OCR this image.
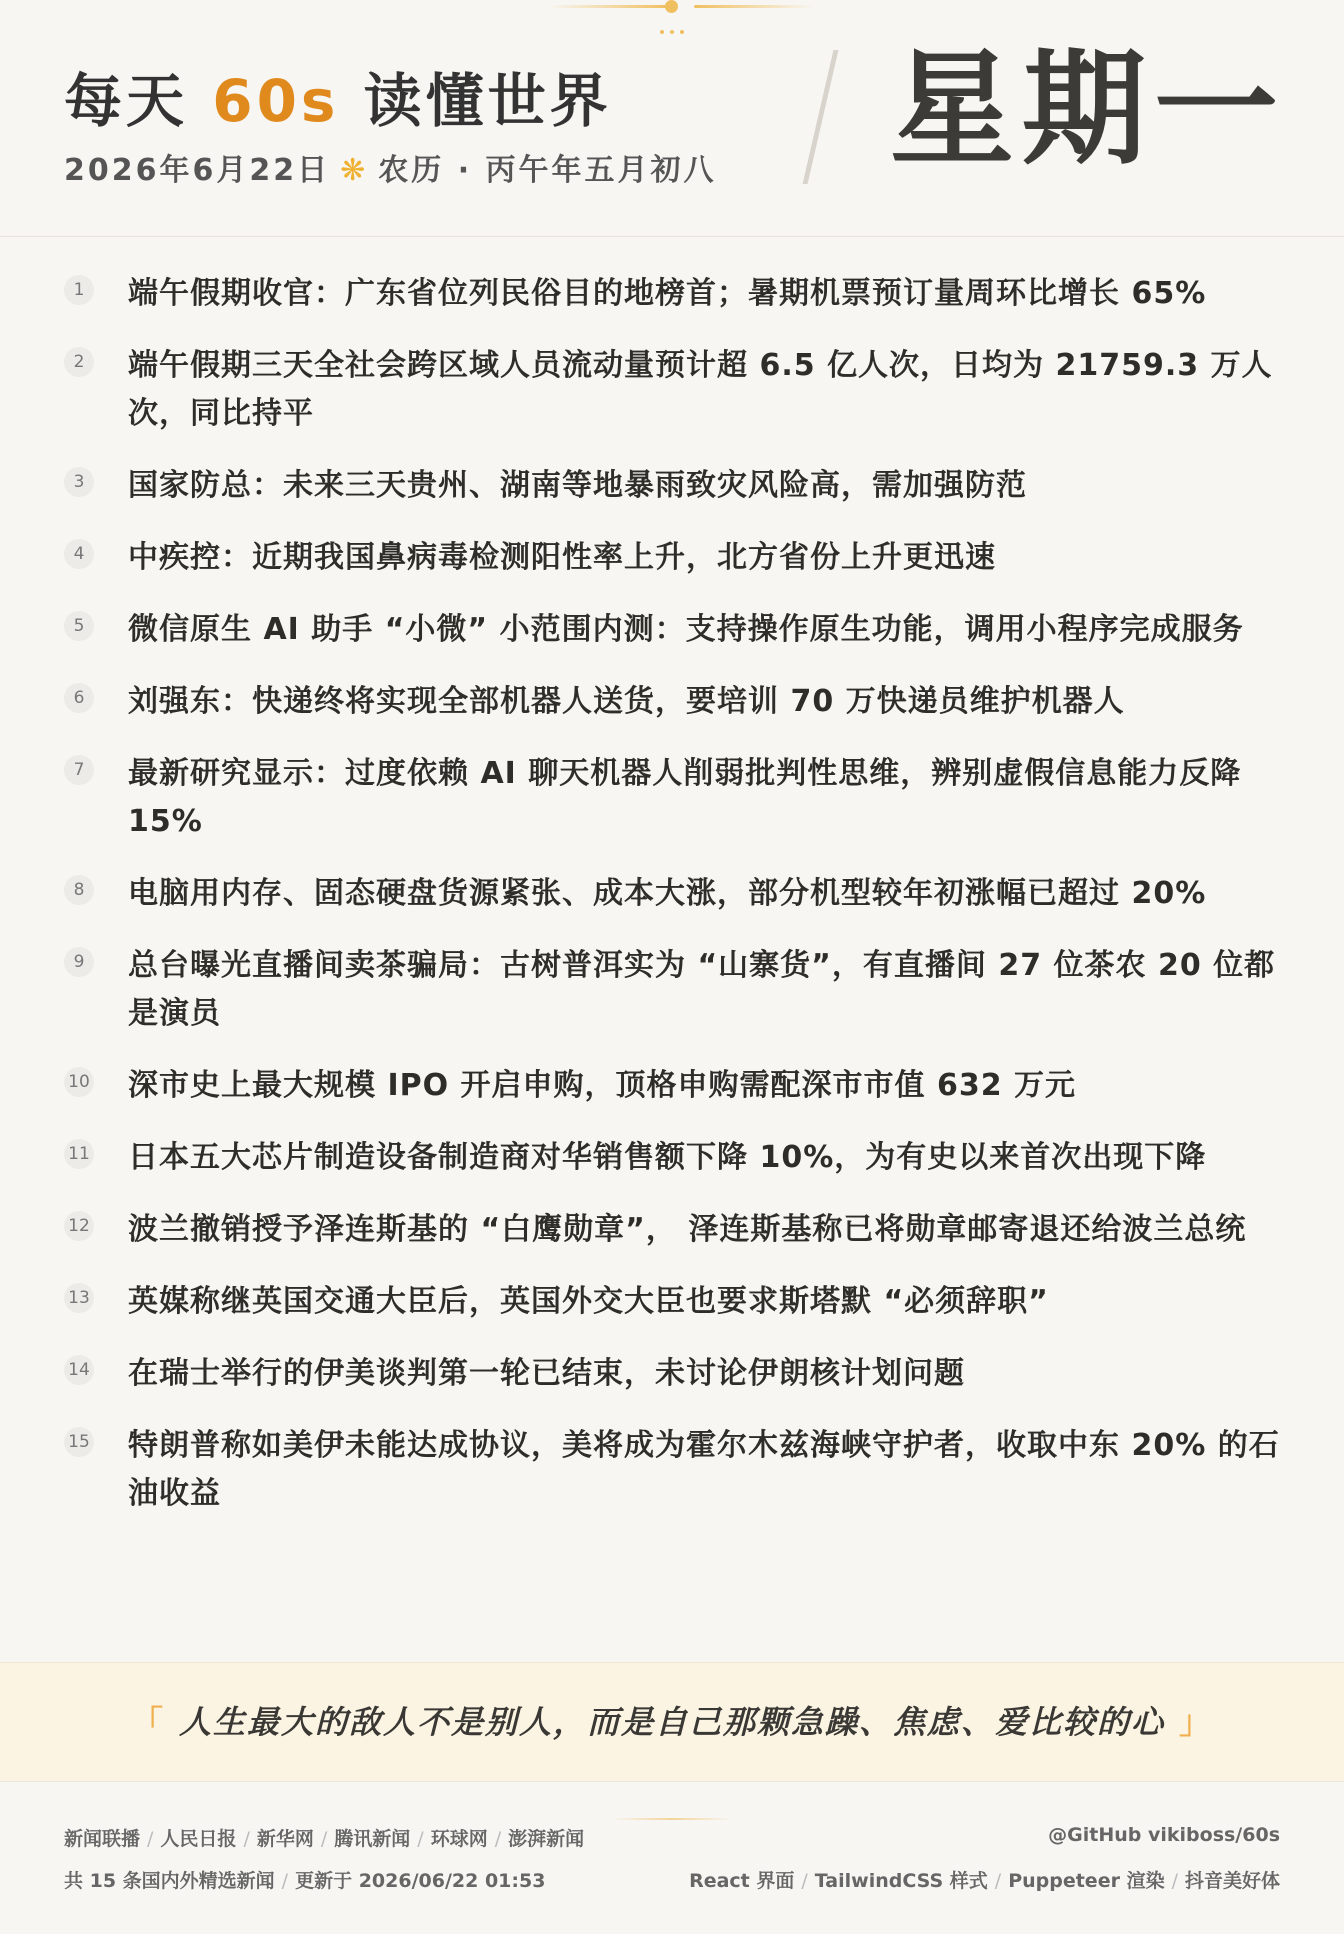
每天 60s 读懂世界
2026年6月22日 ❋ 农历 · 丙午年五月初八 星期一
1	端午假期收官：广东省位列民俗目的地榜首；暑期机票预订量周环比增长 65%
2	端午假期三天全社会跨区域人员流动量预计超 6.5 亿人次，日均为 21759.3 万人次，同比持平
3	国家防总：未来三天贵州、湖南等地暴雨致灾风险高，需加强防范
4	中疾控：近期我国鼻病毒检测阳性率上升，北方省份上升更迅速
5	微信原生 AI 助手 “小微” 小范围内测：支持操作原生功能，调用小程序完成服务
6	刘强东：快递终将实现全部机器人送货，要培训 70 万快递员维护机器人
7	最新研究显示：过度依赖 AI 聊天机器人削弱批判性思维，辨别虚假信息能力反降 15%
8	电脑用内存、固态硬盘货源紧张、成本大涨，部分机型较年初涨幅已超过 20%
9	总台曝光直播间卖茶骗局：古树普洱实为 “山寨货”，有直播间 27 位茶农 20 位都是演员
10 深市史上最大规模 IPO 开启申购，顶格申购需配深市市值 632 万元
11 日本五大芯片制造设备制造商对华销售额下降 10%，为有史以来首次出现下降
12 波兰撤销授予泽连斯基的 “白鹰勋章”， 泽连斯基称已将勋章邮寄退还给波兰总统
13 英媒称继英国交通大臣后，英国外交大臣也要求斯塔默 “必须辞职”
14 在瑞士举行的伊美谈判第一轮已结束，未讨论伊朗核计划问题
15 特朗普称如美伊未能达成协议，美将成为霍尔木兹海峡守护者，收取中东 20% 的石油收益
「 人生最大的敌人不是别人，而是自己那颗急躁、焦虑、爱比较的心 」
新闻联播 / 人民日报 / 新华网 / 腾讯新闻 / 环球网 / 澎湃新闻
共 15 条国内外精选新闻 / 更新于 2026/06/22 01:53
@GitHub vikiboss/60s
React 界面 / TailwindCSS 样式 / Puppeteer 渲染 / 抖音美好体
